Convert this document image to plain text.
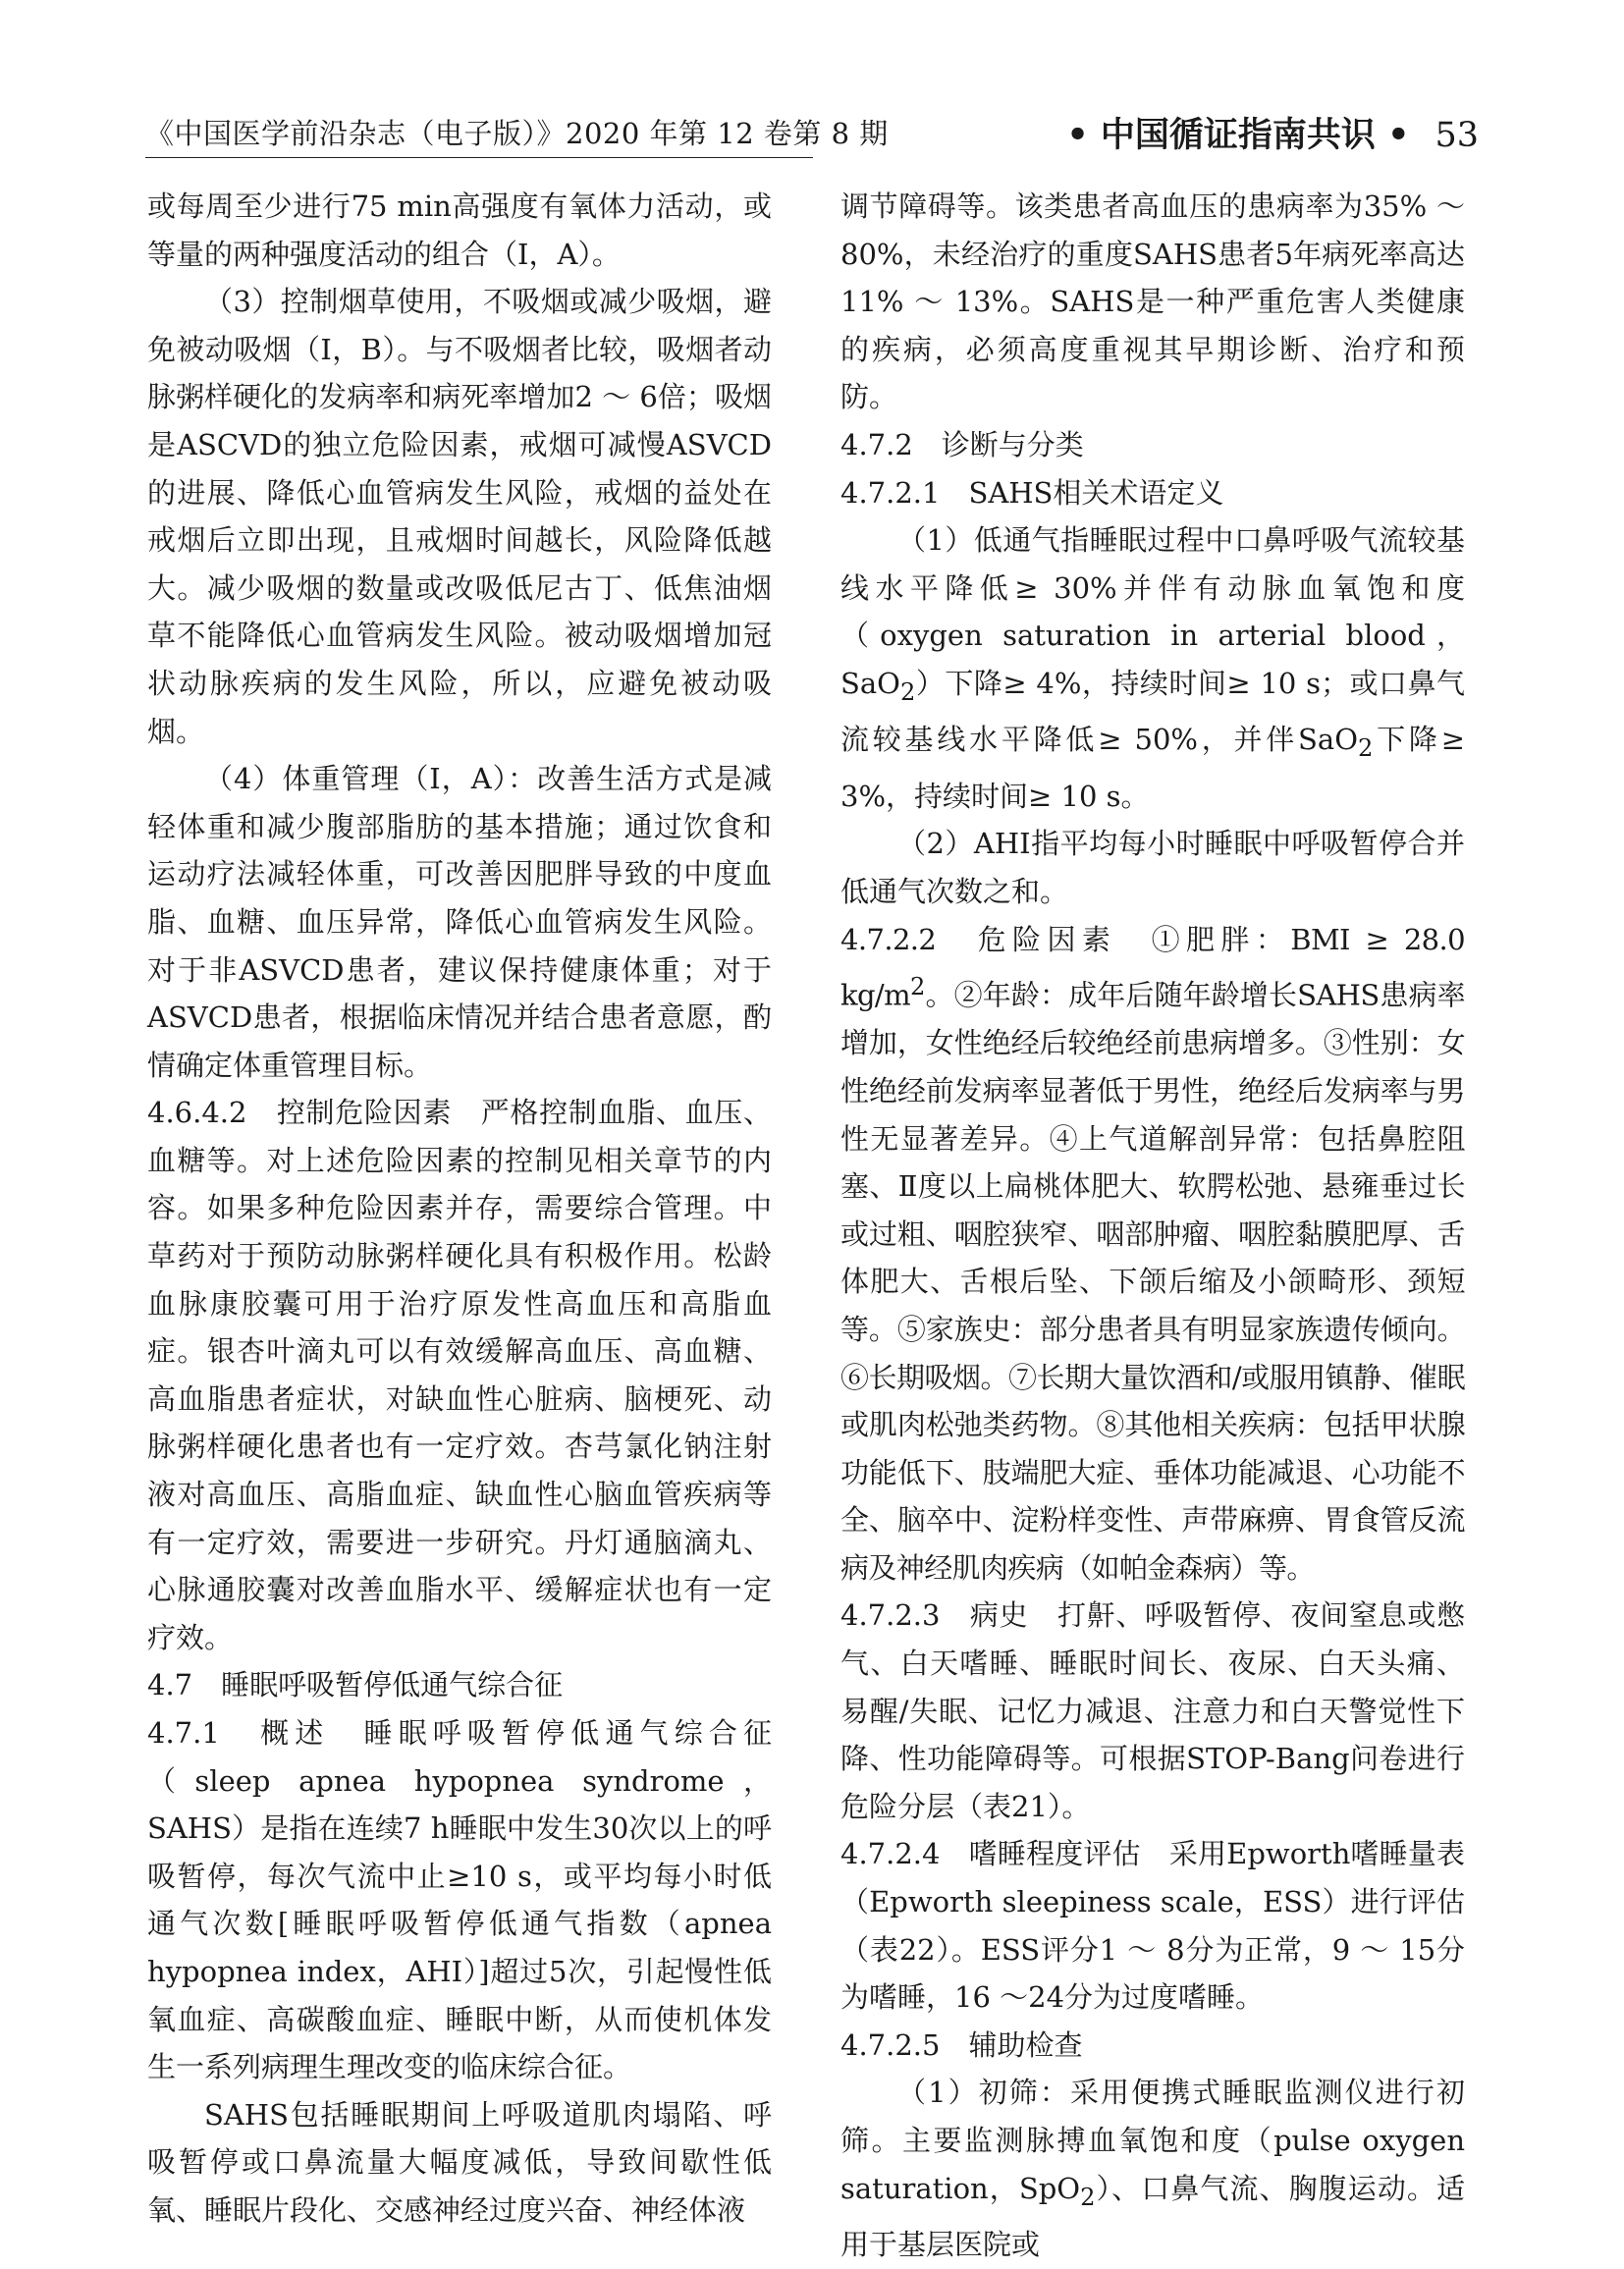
《中国医学前沿杂志（电子版）》2020 年第 12 卷第 8 期	• 中国循证指南共识 • 53

或每周至少进行75 min高强度有氧体力活动，或等量的两种强度活动的组合（Ⅰ，A）。

（3）控制烟草使用，不吸烟或减少吸烟，避免被动吸烟（Ⅰ，B）。与不吸烟者比较，吸烟者动脉粥样硬化的发病率和病死率增加2 ～ 6倍；吸烟是ASCVD的独立危险因素，戒烟可减慢ASVCD的进展、降低心血管病发生风险，戒烟的益处在戒烟后立即出现，且戒烟时间越长，风险降低越大。减少吸烟的数量或改吸低尼古丁、低焦油烟草不能降低心血管病发生风险。被动吸烟增加冠状动脉疾病的发生风险，所以，应避免被动吸烟。

（4）体重管理（Ⅰ，A）：改善生活方式是减轻体重和减少腹部脂肪的基本措施；通过饮食和运动疗法减轻体重，可改善因肥胖导致的中度血脂、血糖、血压异常，降低心血管病发生风险。对于非ASVCD患者，建议保持健康体重；对于ASVCD患者，根据临床情况并结合患者意愿，酌情确定体重管理目标。

4.6.4.2　控制危险因素　严格控制血脂、血压、血糖等。对上述危险因素的控制见相关章节的内容。如果多种危险因素并存，需要综合管理。中草药对于预防动脉粥样硬化具有积极作用。松龄血脉康胶囊可用于治疗原发性高血压和高脂血症。银杏叶滴丸可以有效缓解高血压、高血糖、高血脂患者症状，对缺血性心脏病、脑梗死、动脉粥样硬化患者也有一定疗效。杏芎氯化钠注射液对高血压、高脂血症、缺血性心脑血管疾病等有一定疗效，需要进一步研究。丹灯通脑滴丸、心脉通胶囊对改善血脂水平、缓解症状也有一定疗效。

4.7　睡眠呼吸暂停低通气综合征

4.7.1　概述　睡眠呼吸暂停低通气综合征（sleep apnea hypopnea syndrome，SAHS）是指在连续7 h睡眠中发生30次以上的呼吸暂停，每次气流中止≥10 s，或平均每小时低通气次数[睡眠呼吸暂停低通气指数（apnea hypopnea index，AHI）]超过5次，引起慢性低氧血症、高碳酸血症、睡眠中断，从而使机体发生一系列病理生理改变的临床综合征。

SAHS包括睡眠期间上呼吸道肌肉塌陷、呼吸暂停或口鼻流量大幅度减低，导致间歇性低氧、睡眠片段化、交感神经过度兴奋、神经体液

调节障碍等。该类患者高血压的患病率为35% ～80%，未经治疗的重度SAHS患者5年病死率高达11% ～ 13%。SAHS是一种严重危害人类健康的疾病，必须高度重视其早期诊断、治疗和预防。

4.7.2　诊断与分类

4.7.2.1　SAHS相关术语定义

（1）低通气指睡眠过程中口鼻呼吸气流较基线水平降低≥ 30%并伴有动脉血氧饱和度（oxygen saturation in arterial blood，SaO$_2$）下降≥ 4%，持续时间≥ 10 s；或口鼻气流较基线水平降低≥ 50%，并伴SaO$_2$下降≥ 3%，持续时间≥ 10 s。

（2）AHI指平均每小时睡眠中呼吸暂停合并低通气次数之和。

4.7.2.2　危险因素　①肥胖：BMI ≥ 28.0 $kg/m^2$。②年龄：成年后随年龄增长SAHS患病率增加，女性绝经后较绝经前患病增多。③性别：女性绝经前发病率显著低于男性，绝经后发病率与男性无显著差异。④上气道解剖异常：包括鼻腔阻塞、Ⅱ度以上扁桃体肥大、软腭松弛、悬雍垂过长或过粗、咽腔狭窄、咽部肿瘤、咽腔黏膜肥厚、舌体肥大、舌根后坠、下颌后缩及小颌畸形、颈短等。⑤家族史：部分患者具有明显家族遗传倾向。⑥长期吸烟。⑦长期大量饮酒和/或服用镇静、催眠或肌肉松弛类药物。⑧其他相关疾病：包括甲状腺功能低下、肢端肥大症、垂体功能减退、心功能不全、脑卒中、淀粉样变性、声带麻痹、胃食管反流病及神经肌肉疾病（如帕金森病）等。

4.7.2.3　病史　打鼾、呼吸暂停、夜间窒息或憋气、白天嗜睡、睡眠时间长、夜尿、白天头痛、易醒/失眠、记忆力减退、注意力和白天警觉性下降、性功能障碍等。可根据STOP-Bang问卷进行危险分层（表21）。

4.7.2.4　嗜睡程度评估　采用Epworth嗜睡量表（Epworth sleepiness scale，ESS）进行评估（表22）。ESS评分1 ～ 8分为正常，9 ～ 15分为嗜睡，16 ～24分为过度嗜睡。

4.7.2.5　辅助检查

（1）初筛：采用便携式睡眠监测仪进行初筛。主要监测脉搏血氧饱和度（pulse oxygen saturation，SpO$_2$）、口鼻气流、胸腹运动。适用于基层医院或
